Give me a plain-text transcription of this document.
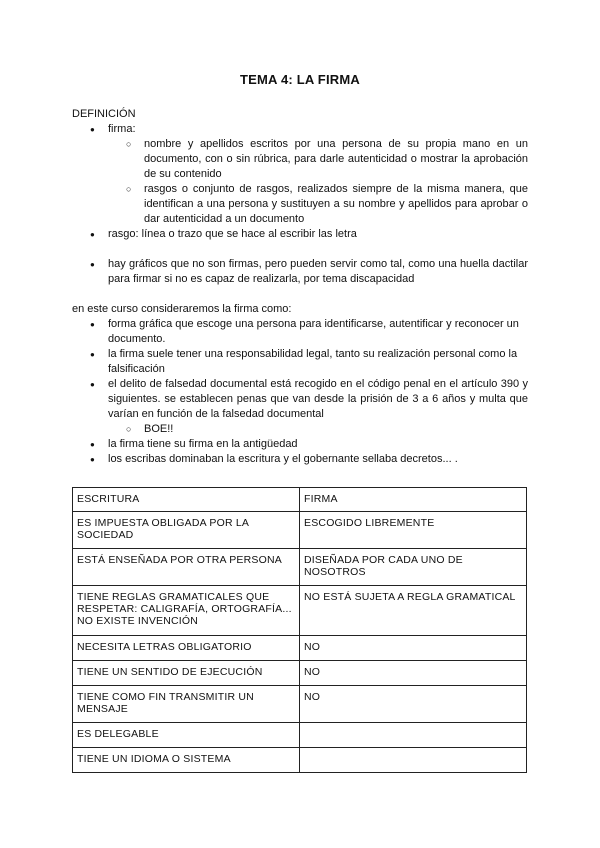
TEMA 4: LA FIRMA

DEFINICIÓN

● firma:
○ nombre y apellidos escritos por una persona de su propia mano en un documento, con o sin rúbrica, para darle autenticidad o mostrar la aprobación de su contenido
○ rasgos o conjunto de rasgos, realizados siempre de la misma manera, que identifican a una persona y sustituyen a su nombre y apellidos para aprobar o dar autenticidad a un documento
● rasgo: línea o trazo que se hace al escribir las letra
● hay gráficos que no son firmas, pero pueden servir como tal, como una huella dactilar para firmar si no es capaz de realizarla, por tema discapacidad

en este curso consideraremos la firma como:

● forma gráfica que escoge una persona para identificarse, autentificar y reconocer un documento.
● la firma suele tener una responsabilidad legal, tanto su realización personal como la falsificación
● el delito de falsedad documental está recogido en el código penal en el artículo 390 y siguientes. se establecen penas que van desde la prisión de 3 a 6 años y multa que varían en función de la falsedad documental
○ BOE!!
● la firma tiene su firma en la antigüedad
● los escribas dominaban la escritura y el gobernante sellaba decretos... .
ESCRITURA	FIRMA
ES IMPUESTA OBLIGADA POR LA SOCIEDAD	ESCOGIDO LIBREMENTE
ESTÁ ENSEÑADA POR OTRA PERSONA	DISEÑADA POR CADA UNO DE NOSOTROS
TIENE REGLAS GRAMATICALES QUE RESPETAR: CALIGRAFÍA, ORTOGRAFÍA... NO EXISTE INVENCIÓN	NO ESTÁ SUJETA A REGLA GRAMATICAL
NECESITA LETRAS OBLIGATORIO	NO
TIENE UN SENTIDO DE EJECUCIÓN	NO
TIENE COMO FIN TRANSMITIR UN MENSAJE	NO
ES DELEGABLE	
TIENE UN IDIOMA O SISTEMA	
